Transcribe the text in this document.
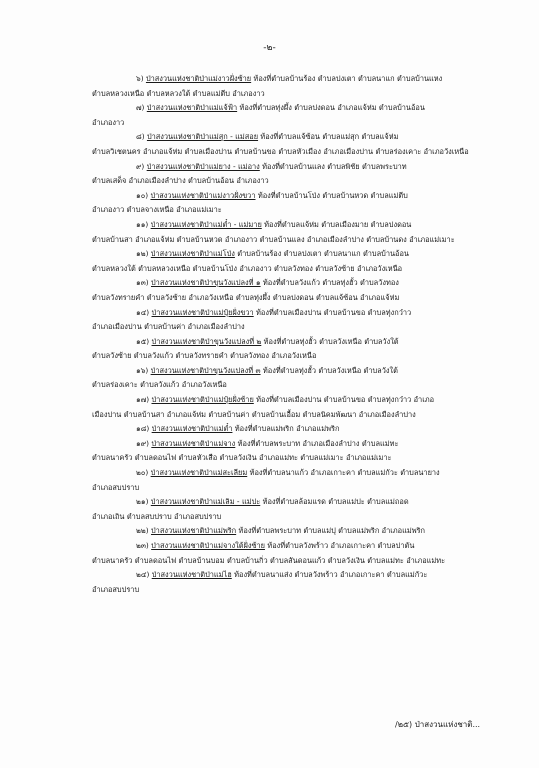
-๒-
๖) ป่าสงวนแห่งชาติป่าแม่งาวฝั่งซ้าย ท้องที่ตำบลบ้านร้อง ตำบลปงเตา ตำบลนาแก ตำบลบ้านแหง
ตำบลหลวงเหนือ ตำบลหลวงใต้ ตำบลแม่ตีบ อำเภองาว
๗) ป่าสงวนแห่งชาติป่าแม่แจ้ฟ้า ท้องที่ตำบลทุ่งผึ้ง ตำบลปงดอน อำเภอแจ้ห่ม ตำบลบ้านอ้อน
อำเภองาว
๘) ป่าสงวนแห่งชาติป่าแม่สุก - แม่สอย ท้องที่ตำบลแจ้ซ้อน ตำบลแม่สุก ตำบลแจ้ห่ม
ตำบลวิเชตนคร อำเภอแจ้ห่ม ตำบลเมืองปาน ตำบลบ้านขอ ตำบลหัวเมือง อำเภอเมืองปาน ตำบลร่องเคาะ อำเภอวังเหนือ
๙) ป่าสงวนแห่งชาติป่าแม่ยาง - แม่อาง ท้องที่ตำบลบ้านแลง ตำบลพิชัย ตำบลพระบาท
ตำบลเสด็จ อำเภอเมืองลำปาง ตำบลบ้านอ้อน อำเภองาว
๑๐) ป่าสงวนแห่งชาติป่าแม่งาวฝั่งขวา ท้องที่ตำบลบ้านโป่ง ตำบลบ้านหวด ตำบลแม่ตีบ
อำเภองาว ตำบลจางเหนือ อำเภอแม่เมาะ
๑๑) ป่าสงวนแห่งชาติป่าแม่ต๋ำ - แม่มาย ท้องที่ตำบลแจ้ห่ม ตำบลเมืองมาย ตำบลปงดอน
ตำบลบ้านสา อำเภอแจ้ห่ม ตำบลบ้านหวด อำเภองาว ตำบลบ้านแลง อำเภอเมืองลำปาง ตำบลบ้านดง อำเภอแม่เมาะ
๑๒) ป่าสงวนแห่งชาติป่าแม่โป่ง ตำบลบ้านร้อง ตำบลปงเตา ตำบลนาแก ตำบลบ้านอ้อน
ตำบลหลวงใต้ ตำบลหลวงเหนือ ตำบลบ้านโป่ง อำเภองาว ตำบลวังทอง ตำบลวังซ้าย อำเภอวังเหนือ
๑๓) ป่าสงวนแห่งชาติป่าขุนวังแปลงที่ ๑ ท้องที่ตำบลวังแก้ว ตำบลทุ่งฮั้ว ตำบลวังทอง
ตำบลวังทรายคำ ตำบลวังซ้าย อำเภอวังเหนือ ตำบลทุ่งผึ้ง ตำบลปงดอน ตำบลแจ้ซ้อน อำเภอแจ้ห่ม
๑๔) ป่าสงวนแห่งชาติป่าแม่ปุ๋ยฝั่งขวา ท้องที่ตำบลเมืองปาน ตำบลบ้านขอ ตำบลทุ่งกว๋าว
อำเภอเมืองปาน ตำบลบ้านค่า อำเภอเมืองลำปาง
๑๕) ป่าสงวนแห่งชาติป่าขุนวังแปลงที่ ๒ ท้องที่ตำบลทุ่งฮั้ว ตำบลวังเหนือ ตำบลวังใต้
ตำบลวังซ้าย ตำบลวังแก้ว ตำบลวังทรายคำ ตำบลวังทอง อำเภอวังเหนือ
๑๖) ป่าสงวนแห่งชาติป่าขุนวังแปลงที่ ๓ ท้องที่ตำบลทุ่งฮั้ว ตำบลวังเหนือ ตำบลวังใต้
ตำบลร่องเคาะ ตำบลวังแก้ว อำเภอวังเหนือ
๑๗) ป่าสงวนแห่งชาติป่าแม่ปุ๋ยฝั่งซ้าย ท้องที่ตำบลเมืองปาน ตำบลบ้านขอ ตำบลทุ่งกว๋าว อำเภอ
เมืองปาน ตำบลบ้านสา อำเภอแจ้ห่ม ตำบลบ้านค่า ตำบลบ้านเอื้อม ตำบลนิคมพัฒนา อำเภอเมืองลำปาง
๑๘) ป่าสงวนแห่งชาติป่าแม่ต๋ำ ท้องที่ตำบลแม่พริก อำเภอแม่พริก
๑๙) ป่าสงวนแห่งชาติป่าแม่จาง ท้องที่ตำบลพระบาท อำเภอเมืองลำปาง ตำบลแม่ทะ
ตำบลนาครัว ตำบลดอนไฟ ตำบลหัวเสือ ตำบลวังเงิน อำเภอแม่ทะ ตำบลแม่เมาะ อำเภอแม่เมาะ
๒๐) ป่าสงวนแห่งชาติป่าแม่สะเลียม ท้องที่ตำบลนาแก้ว อำเภอเกาะคา ตำบลแม่กัวะ ตำบลนายาง
อำเภอสบปราบ
๒๑) ป่าสงวนแห่งชาติป่าแม่เลิม - แม่ปะ ท้องที่ตำบลล้อมแรด ตำบลแม่ปะ ตำบลแม่ถอด
อำเภอเถิน ตำบลสบปราบ อำเภอสบปราบ
๒๒) ป่าสงวนแห่งชาติป่าแม่พริก ท้องที่ตำบลพระบาท ตำบลแม่ปุ ตำบลแม่พริก อำเภอแม่พริก
๒๓) ป่าสงวนแห่งชาติป่าแม่จางใต้ฝั่งซ้าย ท้องที่ตำบลวังพร้าว อำเภอเกาะคา ตำบลปาตัน
ตำบลนาครัว ตำบลดอนไฟ ตำบลบ้านบอม ตำบลบ้านกิ่ว ตำบลสันดอนแก้ว ตำบลวังเงิน ตำบลแม่ทะ อำเภอแม่ทะ
๒๔) ป่าสงวนแห่งชาติป่าแม่ไฮ ท้องที่ตำบลนาแส่ง ตำบลวังพร้าว อำเภอเกาะคา ตำบลแม่กัวะ
อำเภอสบปราบ
/๒๕) ป่าสงวนแห่งชาติ...
